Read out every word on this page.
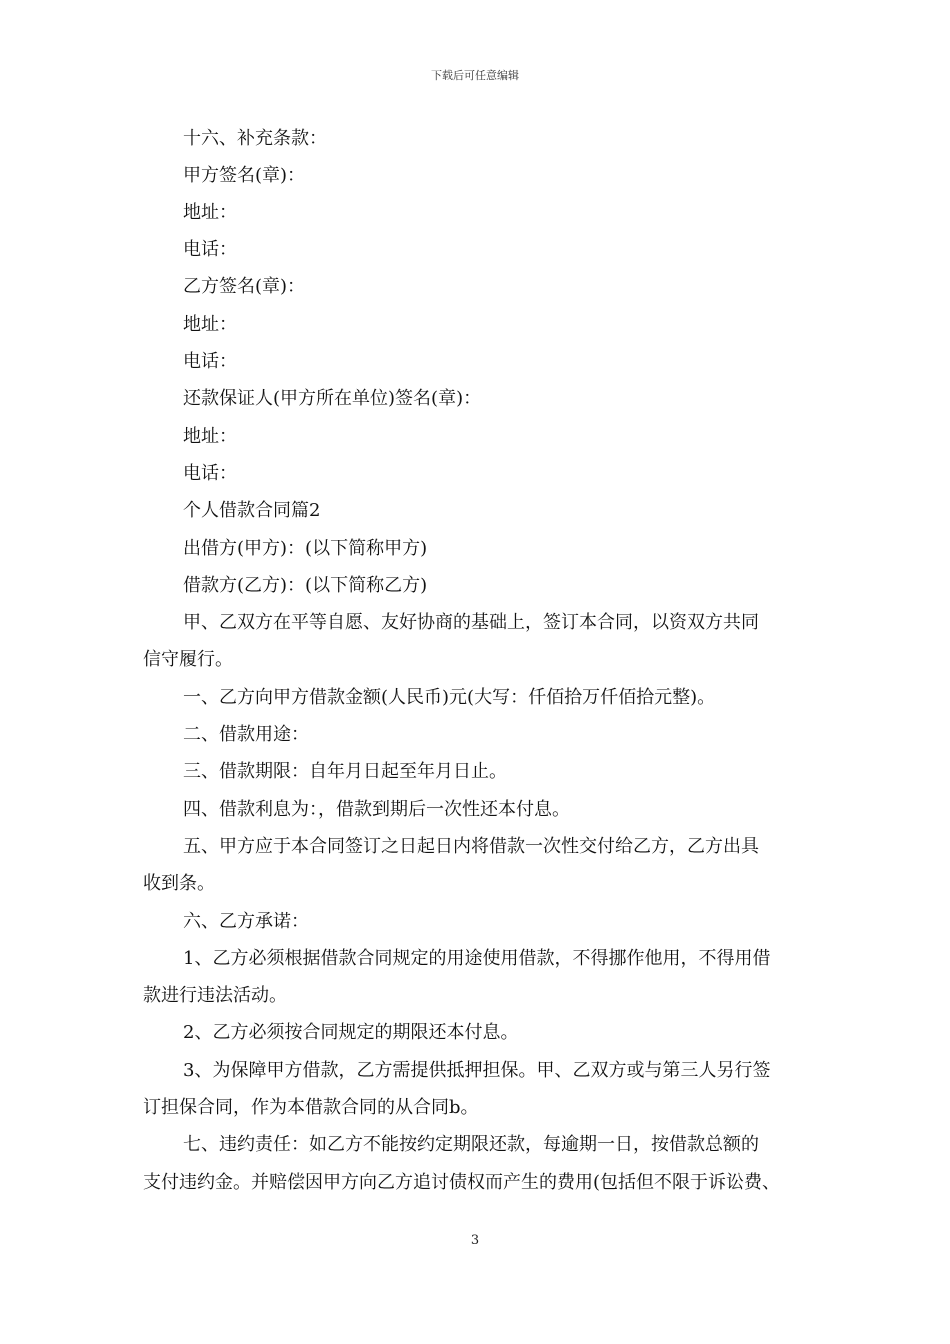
下载后可任意编辑
十六、补充条款：
甲方签名(章)：
地址：
电话：
乙方签名(章)：
地址：
电话：
还款保证人(甲方所在单位)签名(章)：
地址：
电话：
个人借款合同篇2
出借方(甲方)：(以下简称甲方)
借款方(乙方)：(以下简称乙方)
甲、乙双方在平等自愿、友好协商的基础上，签订本合同，以资双方共同
信守履行。
一、乙方向甲方借款金额(人民币)元(大写：仟佰拾万仟佰拾元整)。
二、借款用途：
三、借款期限：自年月日起至年月日止。
四、借款利息为：，借款到期后一次性还本付息。
五、甲方应于本合同签订之日起日内将借款一次性交付给乙方，乙方出具
收到条。
六、乙方承诺：
1、乙方必须根据借款合同规定的用途使用借款，不得挪作他用，不得用借
款进行违法活动。
2、乙方必须按合同规定的期限还本付息。
3、为保障甲方借款，乙方需提供抵押担保。甲、乙双方或与第三人另行签
订担保合同，作为本借款合同的从合同b。
七、违约责任：如乙方不能按约定期限还款，每逾期一日，按借款总额的
支付违约金。并赔偿因甲方向乙方追讨债权而产生的费用(包括但不限于诉讼费、
3
